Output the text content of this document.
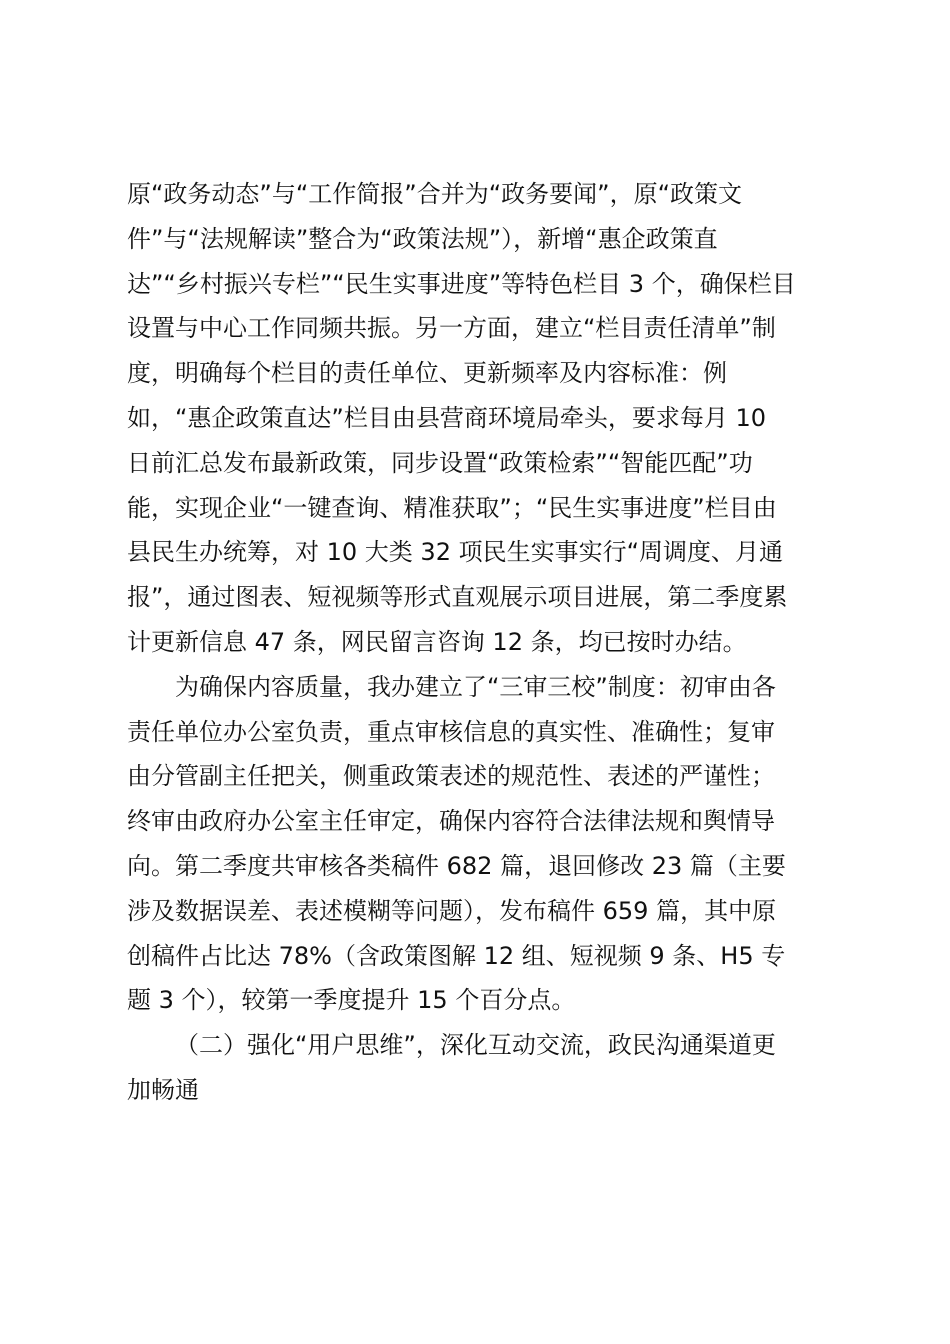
原“政务动态”与“工作简报”合并为“政务要闻”，原“政策文
件”与“法规解读”整合为“政策法规”），新增“惠企政策直
达”“乡村振兴专栏”“民生实事进度”等特色栏目 3 个，确保栏目
设置与中心工作同频共振。另一方面，建立“栏目责任清单”制
度，明确每个栏目的责任单位、更新频率及内容标准：例
如，“惠企政策直达”栏目由县营商环境局牵头，要求每月 10
日前汇总发布最新政策，同步设置“政策检索”“智能匹配”功
能，实现企业“一键查询、精准获取”；“民生实事进度”栏目由
县民生办统筹，对 10 大类 32 项民生实事实行“周调度、月通
报”，通过图表、短视频等形式直观展示项目进展，第二季度累
计更新信息 47 条，网民留言咨询 12 条，均已按时办结。
为确保内容质量，我办建立了“三审三校”制度：初审由各
责任单位办公室负责，重点审核信息的真实性、准确性；复审
由分管副主任把关，侧重政策表述的规范性、表述的严谨性；
终审由政府办公室主任审定，确保内容符合法律法规和舆情导
向。第二季度共审核各类稿件 682 篇，退回修改 23 篇（主要
涉及数据误差、表述模糊等问题），发布稿件 659 篇，其中原
创稿件占比达 78%（含政策图解 12 组、短视频 9 条、H5 专
题 3 个），较第一季度提升 15 个百分点。
（二）强化“用户思维”，深化互动交流，政民沟通渠道更
加畅通
